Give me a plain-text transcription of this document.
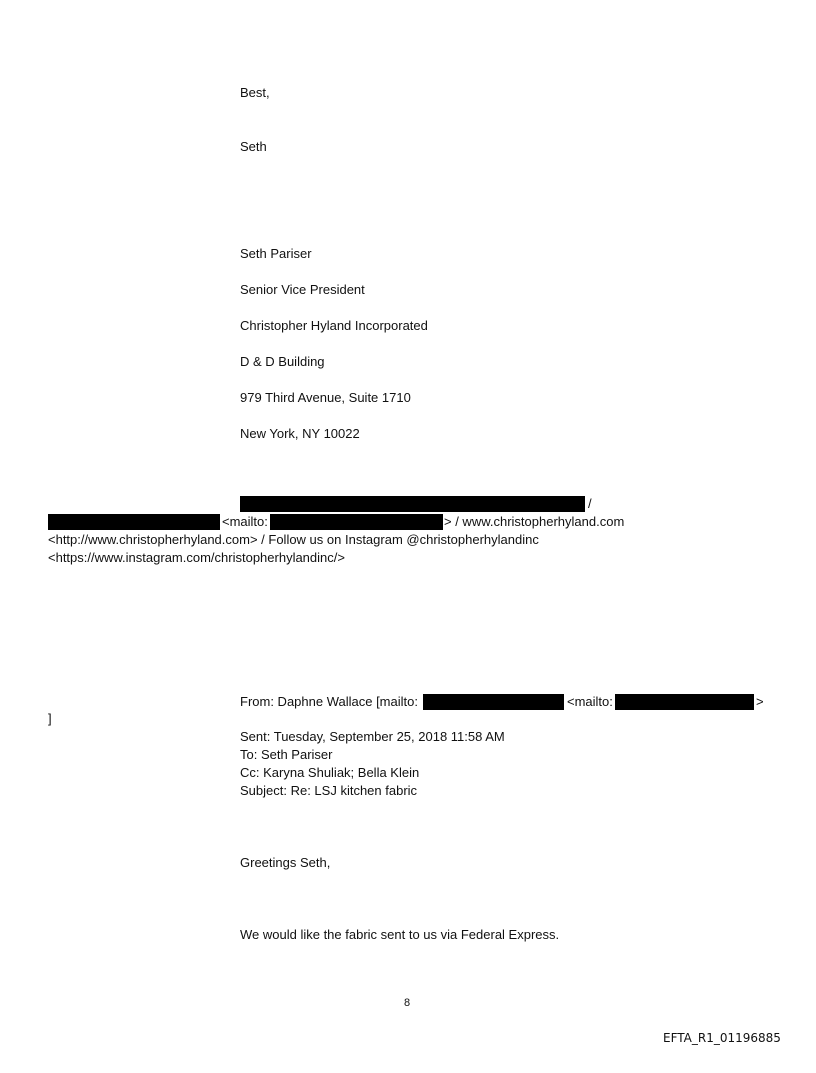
Best,
Seth
Seth Pariser
Senior Vice President
Christopher Hyland Incorporated
D & D Building
979 Third Avenue, Suite 1710
New York, NY 10022
/
<mailto:	> / www.christopherhyland.com
<http://www.christopherhyland.com> / Follow us on Instagram @christopherhylandinc
<https://www.instagram.com/christopherhylandinc/>
From: Daphne Wallace [mailto:	<mailto:	>
]
Sent: Tuesday, September 25, 2018 11:58 AM
To: Seth Pariser
Cc: Karyna Shuliak; Bella Klein
Subject: Re: LSJ kitchen fabric
Greetings Seth,
We would like the fabric sent to us via Federal Express.
8
EFTA_R1_01196885
